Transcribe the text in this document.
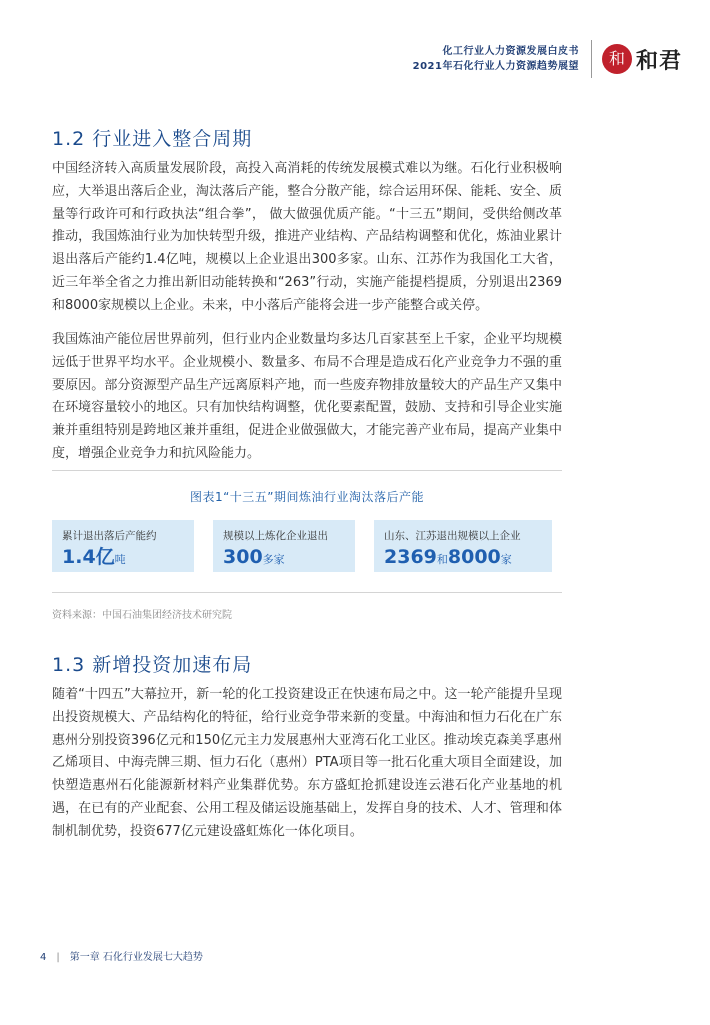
化工行业人力资源发展白皮书
2021年石化行业人力资源趋势展望	和 和君
1.2 行业进入整合周期

中国经济转入高质量发展阶段，高投入高消耗的传统发展模式难以为继。石化行业积极响应，大举退出落后企业，淘汰落后产能，整合分散产能，综合运用环保、能耗、安全、质量等行政许可和行政执法“组合拳”， 做大做强优质产能。“十三五”期间，受供给侧改革推动，我国炼油行业为加快转型升级，推进产业结构、产品结构调整和优化，炼油业累计退出落后产能约1.4亿吨，规模以上企业退出300多家。山东、江苏作为我国化工大省，近三年举全省之力推出新旧动能转换和“263”行动，实施产能提档提质，分别退出2369和8000家规模以上企业。未来，中小落后产能将会进一步产能整合或关停。

我国炼油产能位居世界前列，但行业内企业数量均多达几百家甚至上千家，企业平均规模远低于世界平均水平。企业规模小、数量多、布局不合理是造成石化产业竞争力不强的重要原因。部分资源型产品生产远离原料产地，而一些废弃物排放量较大的产品生产又集中在环境容量较小的地区。只有加快结构调整，优化要素配置，鼓励、支持和引导企业实施兼并重组特别是跨地区兼并重组，促进企业做强做大，才能完善产业布局，提高产业集中度，增强企业竞争力和抗风险能力。

图表1“十三五”期间炼油行业淘汰落后产能
累计退出落后产能约
1.4亿吨
规模以上炼化企业退出
300多家
山东、江苏退出规模以上企业
2369和8000家
资料来源：中国石油集团经济技术研究院
1.3 新增投资加速布局

随着“十四五”大幕拉开，新一轮的化工投资建设正在快速布局之中。这一轮产能提升呈现出投资规模大、产品结构化的特征，给行业竞争带来新的变量。中海油和恒力石化在广东惠州分别投资396亿元和150亿元主力发展惠州大亚湾石化工业区。推动埃克森美孚惠州乙烯项目、中海壳牌三期、恒力石化（惠州）PTA项目等一批石化重大项目全面建设，加快塑造惠州石化能源新材料产业集群优势。东方盛虹抢抓建设连云港石化产业基地的机遇，在已有的产业配套、公用工程及储运设施基础上，发挥自身的技术、人才、管理和体制机制优势，投资677亿元建设盛虹炼化一体化项目。

4 | 第一章 石化行业发展七大趋势
